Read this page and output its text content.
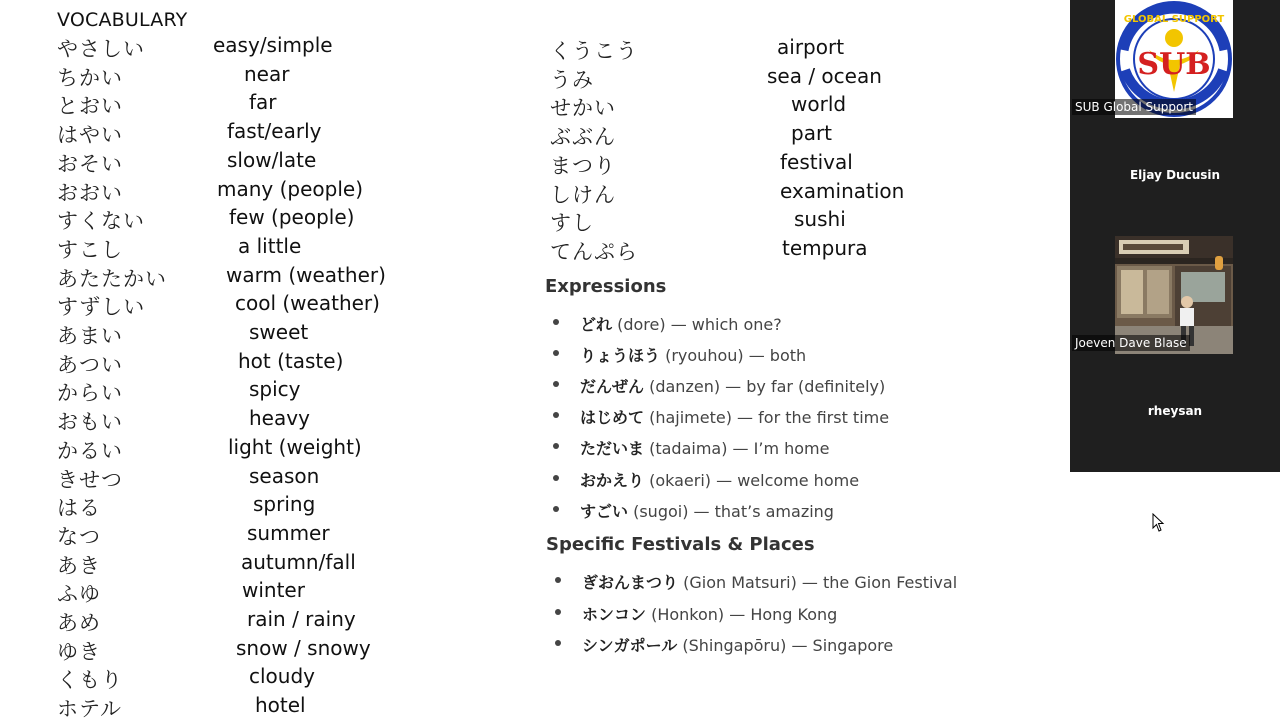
VOCABULARY
やさしい	easy/simple
ちかい	near
とおい	far
はやい	fast/early
おそい	slow/late
おおい	many (people)
すくない	few (people)
すこし	a little
あたたかい	warm (weather)
すずしい	cool (weather)
あまい	sweet
あつい	hot (taste)
からい	spicy
おもい	heavy
かるい	light (weight)
きせつ	season
はる	spring
なつ	summer
あき	autumn/fall
ふゆ	winter
あめ	rain / rainy
ゆき	snow / snowy
くもり	cloudy
ホテル	hotel
くうこう	airport
うみ	sea / ocean
せかい	world
ぶぶん	part
まつり	festival
しけん	examination
すし	sushi
てんぷら	tempura
Expressions
どれ (dore) — which one?
りょうほう (ryouhou) — both
だんぜん (danzen) — by far (definitely)
はじめて (hajimete) — for the first time
ただいま (tadaima) — I’m home
おかえり (okaeri) — welcome home
すごい (sugoi) — that’s amazing
Specific Festivals & Places
ぎおんまつり (Gion Matsuri) — the Gion Festival
ホンコン (Honkon) — Hong Kong
シンガポール (Shingapōru) — Singapore
GLOBAL SUPPORT
SUB
SUB Global Support
Eljay Ducusin
Joeven Dave Blase
rheysan
